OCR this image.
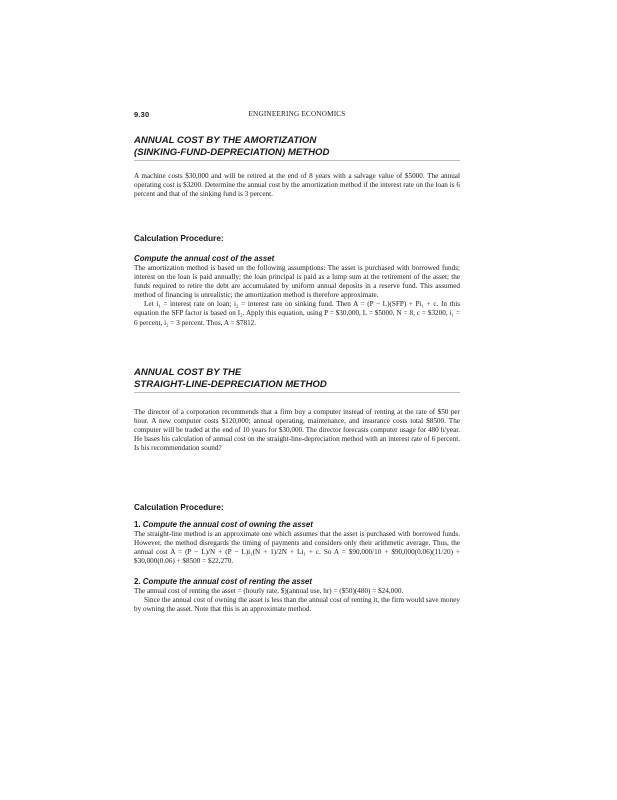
9.30	ENGINEERING ECONOMICS
ANNUAL COST BY THE AMORTIZATION
(SINKING-FUND-DEPRECIATION) METHOD

A machine costs $30,000 and will be retired at the end of 8 years with a salvage value of $5000. The annual operating cost is $3200. Determine the annual cost by the amortization method if the interest rate on the loan is 6 percent and that of the sinking fund is 3 percent.

Calculation Procedure:
Compute the annual cost of the asset

The amortization method is based on the following assumptions: The asset is purchased with borrowed funds; interest on the loan is paid annually; the loan principal is paid as a lump sum at the retirement of the asset; the funds required to retire the debt are accumulated by uniform annual deposits in a reserve fund. This assumed method of financing is unrealistic; the amortization method is therefore approximate.

Let i₁ = interest rate on loan; i₂ = interest rate on sinking fund. Then A = (P − L)(SFP) + Pi₁ + c. In this equation the SFP factor is based on I₂. Apply this equation, using P = $30,000, L = $5000, N = 8, c = $3200, i₁ = 6 percent, i₂ = 3 percent. Thus, A = $7812.

ANNUAL COST BY THE
STRAIGHT-LINE-DEPRECIATION METHOD

The director of a corporation recommends that a firm buy a computer instead of renting at the rate of $50 per hour. A new computer costs $120,000; annual operating, maintenance, and insurance costs total $8500. The computer will be traded at the end of 10 years for $30,000. The director forecasts computer usage for 480 h/year. He bases his calculation of annual cost on the straight-line-depreciation method with an interest rate of 6 percent. Is his recommendation sound?

Calculation Procedure:
1. Compute the annual cost of owning the asset

The straight-line method is an approximate one which assumes that the asset is purchased with borrowed funds. However, the method disregards the timing of payments and considers only their arithmetic average. Thus, the annual cost A = (P − L)/N + (P − L)i₁(N + 1)/2N + Li₁ + c. So A = $90,000/10 + $90,000(0.06)(11/20) + $30,000(0.06) + $8500 = $22,270.

2. Compute the annual cost of renting the asset

The annual cost of renting the asset = (hourly rate, $)(annual use, hr) = ($50)(480) = $24,000.

Since the annual cost of owning the asset is less than the annual cost of renting it, the firm would save money by owning the asset. Note that this is an approximate method.
